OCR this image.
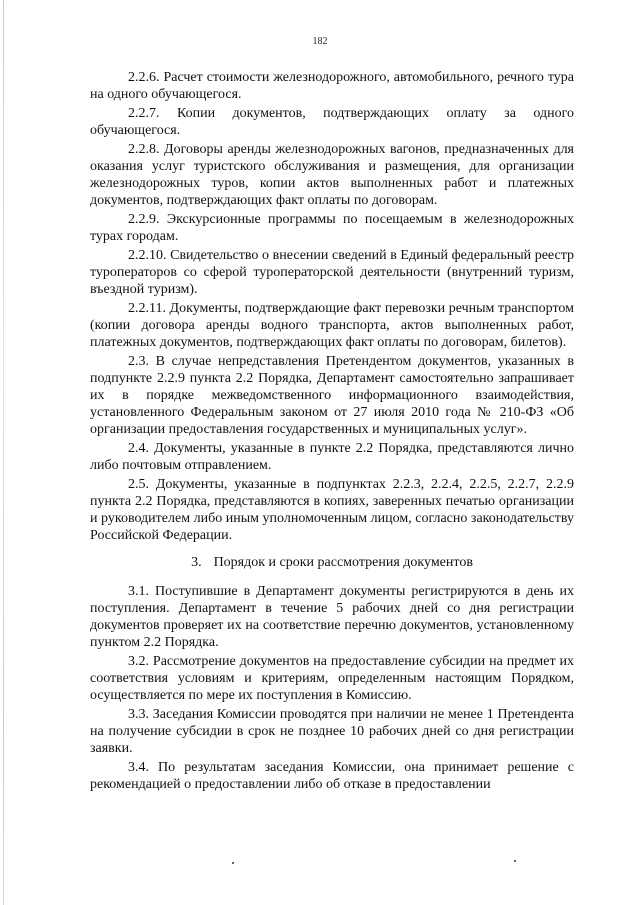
182

2.2.6. Расчет стоимости железнодорожного, автомобильного, речного тура на одного обучающегося.

2.2.7. Копии документов, подтверждающих оплату за одного обучающегося.

2.2.8. Договоры аренды железнодорожных вагонов, предназначенных для оказания услуг туристского обслуживания и размещения, для организации железнодорожных туров, копии актов выполненных работ и платежных документов, подтверждающих факт оплаты по договорам.

2.2.9. Экскурсионные программы по посещаемым в железнодорожных турах городам.

2.2.10. Свидетельство о внесении сведений в Единый федеральный реестр туроператоров со сферой туроператорской деятельности (внутренний туризм, въездной туризм).

2.2.11. Документы, подтверждающие факт перевозки речным транспортом (копии договора аренды водного транспорта, актов выполненных работ, платежных документов, подтверждающих факт оплаты по договорам, билетов).

2.3. В случае непредставления Претендентом документов, указанных в подпункте 2.2.9 пункта 2.2 Порядка, Департамент самостоятельно запрашивает их в порядке межведомственного информационного взаимодействия, установленного Федеральным законом от 27 июля 2010 года № 210-ФЗ «Об организации предоставления государственных и муниципальных услуг».

2.4. Документы, указанные в пункте 2.2 Порядка, представляются лично либо почтовым отправлением.

2.5. Документы, указанные в подпунктах 2.2.3, 2.2.4, 2.2.5, 2.2.7, 2.2.9 пункта 2.2 Порядка, представляются в копиях, заверенных печатью организации и руководителем либо иным уполномоченным лицом, согласно законодательству Российской Федерации.

3. Порядок и сроки рассмотрения документов

3.1. Поступившие в Департамент документы регистрируются в день их поступления. Департамент в течение 5 рабочих дней со дня регистрации документов проверяет их на соответствие перечню документов, установленному пунктом 2.2 Порядка.

3.2. Рассмотрение документов на предоставление субсидии на предмет их соответствия условиям и критериям, определенным настоящим Порядком, осуществляется по мере их поступления в Комиссию.

3.3. Заседания Комиссии проводятся при наличии не менее 1 Претендента на получение субсидии в срок не позднее 10 рабочих дней со дня регистрации заявки.

3.4. По результатам заседания Комиссии, она принимает решение с рекомендацией о предоставлении либо об отказе в предоставлении
